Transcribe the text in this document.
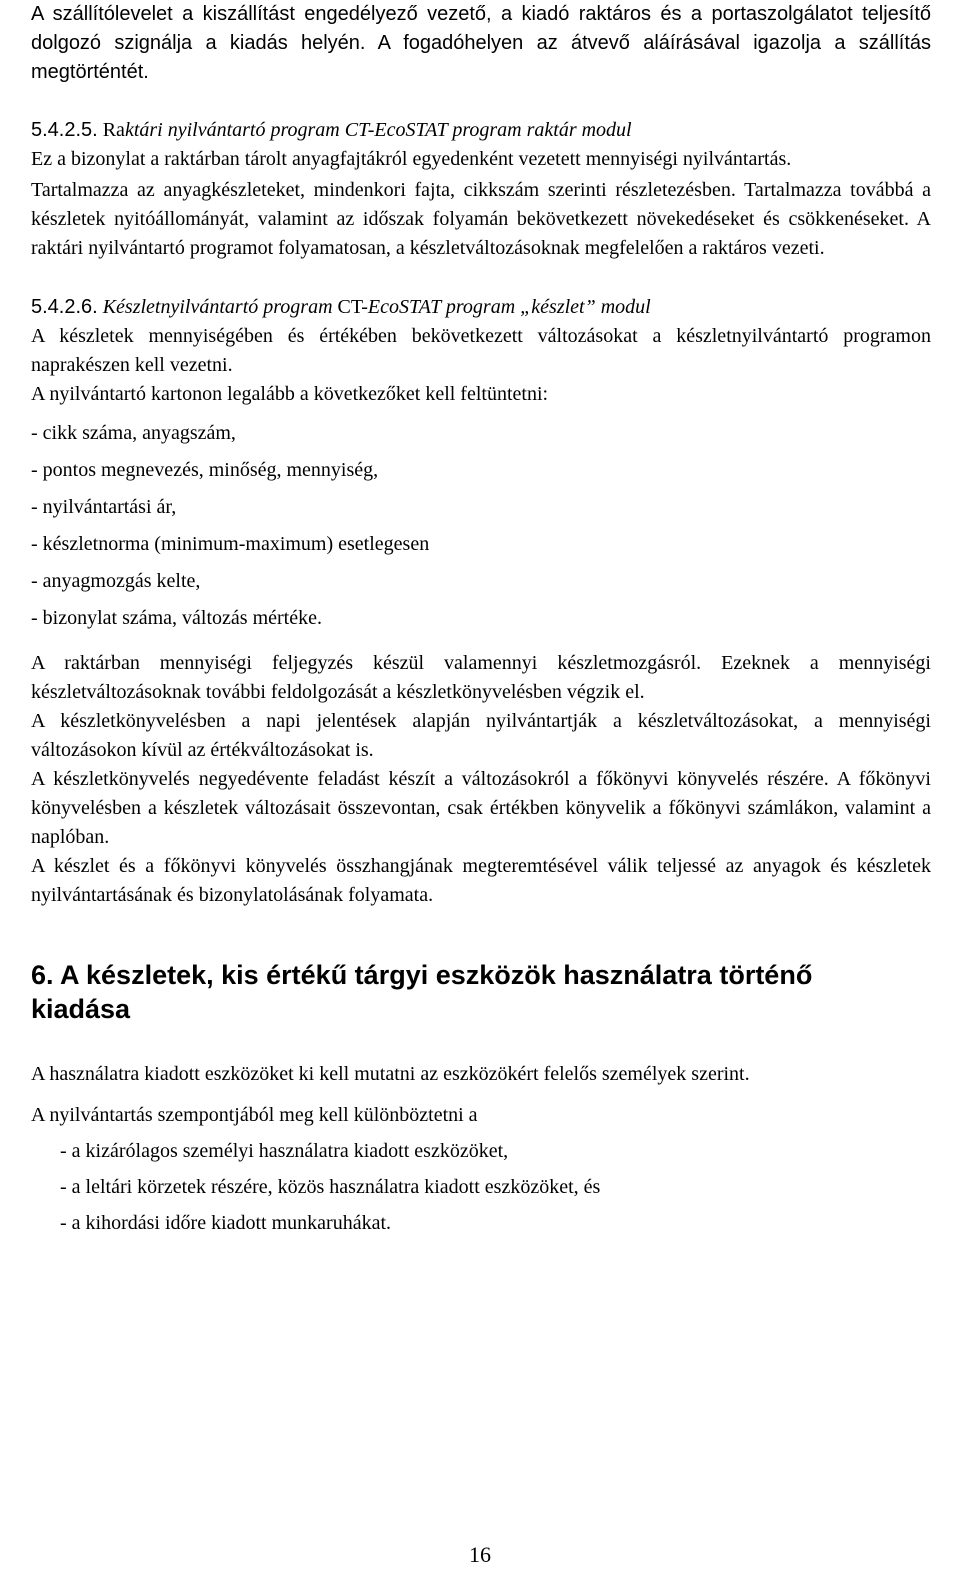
A szállítólevelet a kiszállítást engedélyező vezető, a kiadó raktáros és a portaszolgálatot teljesítő dolgozó szignálja a kiadás helyén. A fogadóhelyen az átvevő aláírásával igazolja a szállítás megtörténtét.

5.4.2.5. Raktári nyilvántartó program CT-EcoSTAT program raktár modul

Ez a bizonylat a raktárban tárolt anyagfajtákról egyedenként vezetett mennyiségi nyilvántartás.

Tartalmazza az anyagkészleteket, mindenkori fajta, cikkszám szerinti részletezésben. Tartalmazza továbbá a készletek nyitóállományát, valamint az időszak folyamán bekövetkezett növekedéseket és csökkenéseket. A raktári nyilvántartó programot folyamatosan, a készletváltozásoknak megfelelően a raktáros vezeti.

5.4.2.6. Készletnyilvántartó program CT-EcoSTAT program „készlet” modul

A készletek mennyiségében és értékében bekövetkezett változásokat a készletnyilvántartó programon naprakészen kell vezetni.

A nyilvántartó kartonon legalább a következőket kell feltüntetni:

- cikk száma, anyagszám,
- pontos megnevezés, minőség, mennyiség,
- nyilvántartási ár,
- készletnorma (minimum-maximum) esetlegesen
- anyagmozgás kelte,
- bizonylat száma, változás mértéke.

A raktárban mennyiségi feljegyzés készül valamennyi készletmozgásról. Ezeknek a mennyiségi készletváltozásoknak további feldolgozását a készletkönyvelésben végzik el.

A készletkönyvelésben a napi jelentések alapján nyilvántartják a készletváltozásokat, a mennyiségi változásokon kívül az értékváltozásokat is.

A készletkönyvelés negyedévente feladást készít a változásokról a főkönyvi könyvelés részére. A főkönyvi könyvelésben a készletek változásait összevontan, csak értékben könyvelik a főkönyvi számlákon, valamint a naplóban.

A készlet és a főkönyvi könyvelés összhangjának megteremtésével válik teljessé az anyagok és készletek nyilvántartásának és bizonylatolásának folyamata.

6. A készletek, kis értékű tárgyi eszközök használatra történő kiadása

A használatra kiadott eszközöket ki kell mutatni az eszközökért felelős személyek szerint.

A nyilvántartás szempontjából meg kell különböztetni a

- a kizárólagos személyi használatra kiadott eszközöket,
- a leltári körzetek részére, közös használatra kiadott eszközöket, és
- a kihordási időre kiadott munkaruhákat.
16
